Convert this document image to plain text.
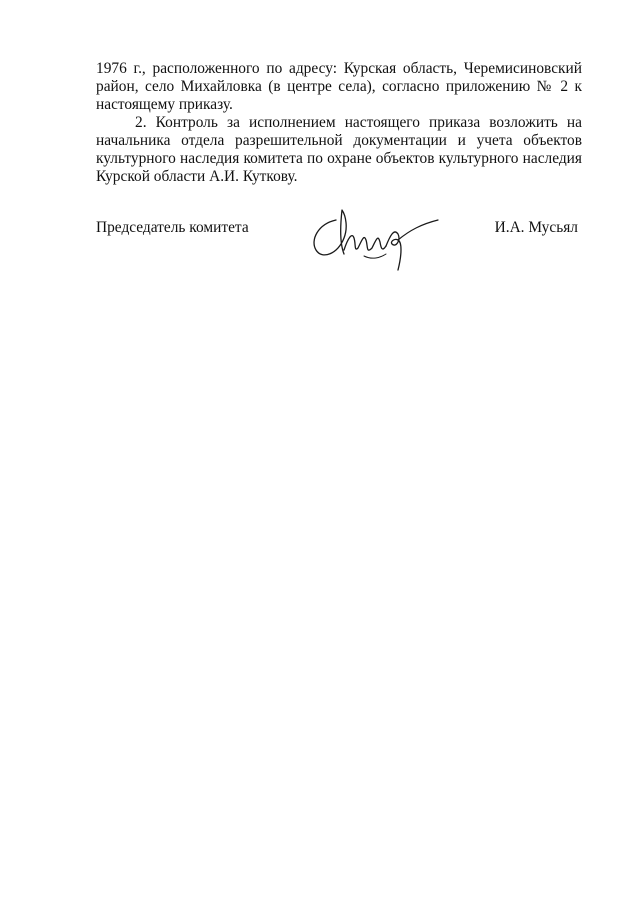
1976 г., расположенного по адресу: Курская область, Черемисиновский район, село Михайловка (в центре села), согласно приложению № 2 к настоящему приказу.

2. Контроль за исполнением настоящего приказа возложить на начальника отдела разрешительной документации и учета объектов культурного наследия комитета по охране объектов культурного наследия Курской области А.И. Куткову.

Председатель комитета	И.А. Мусьял
